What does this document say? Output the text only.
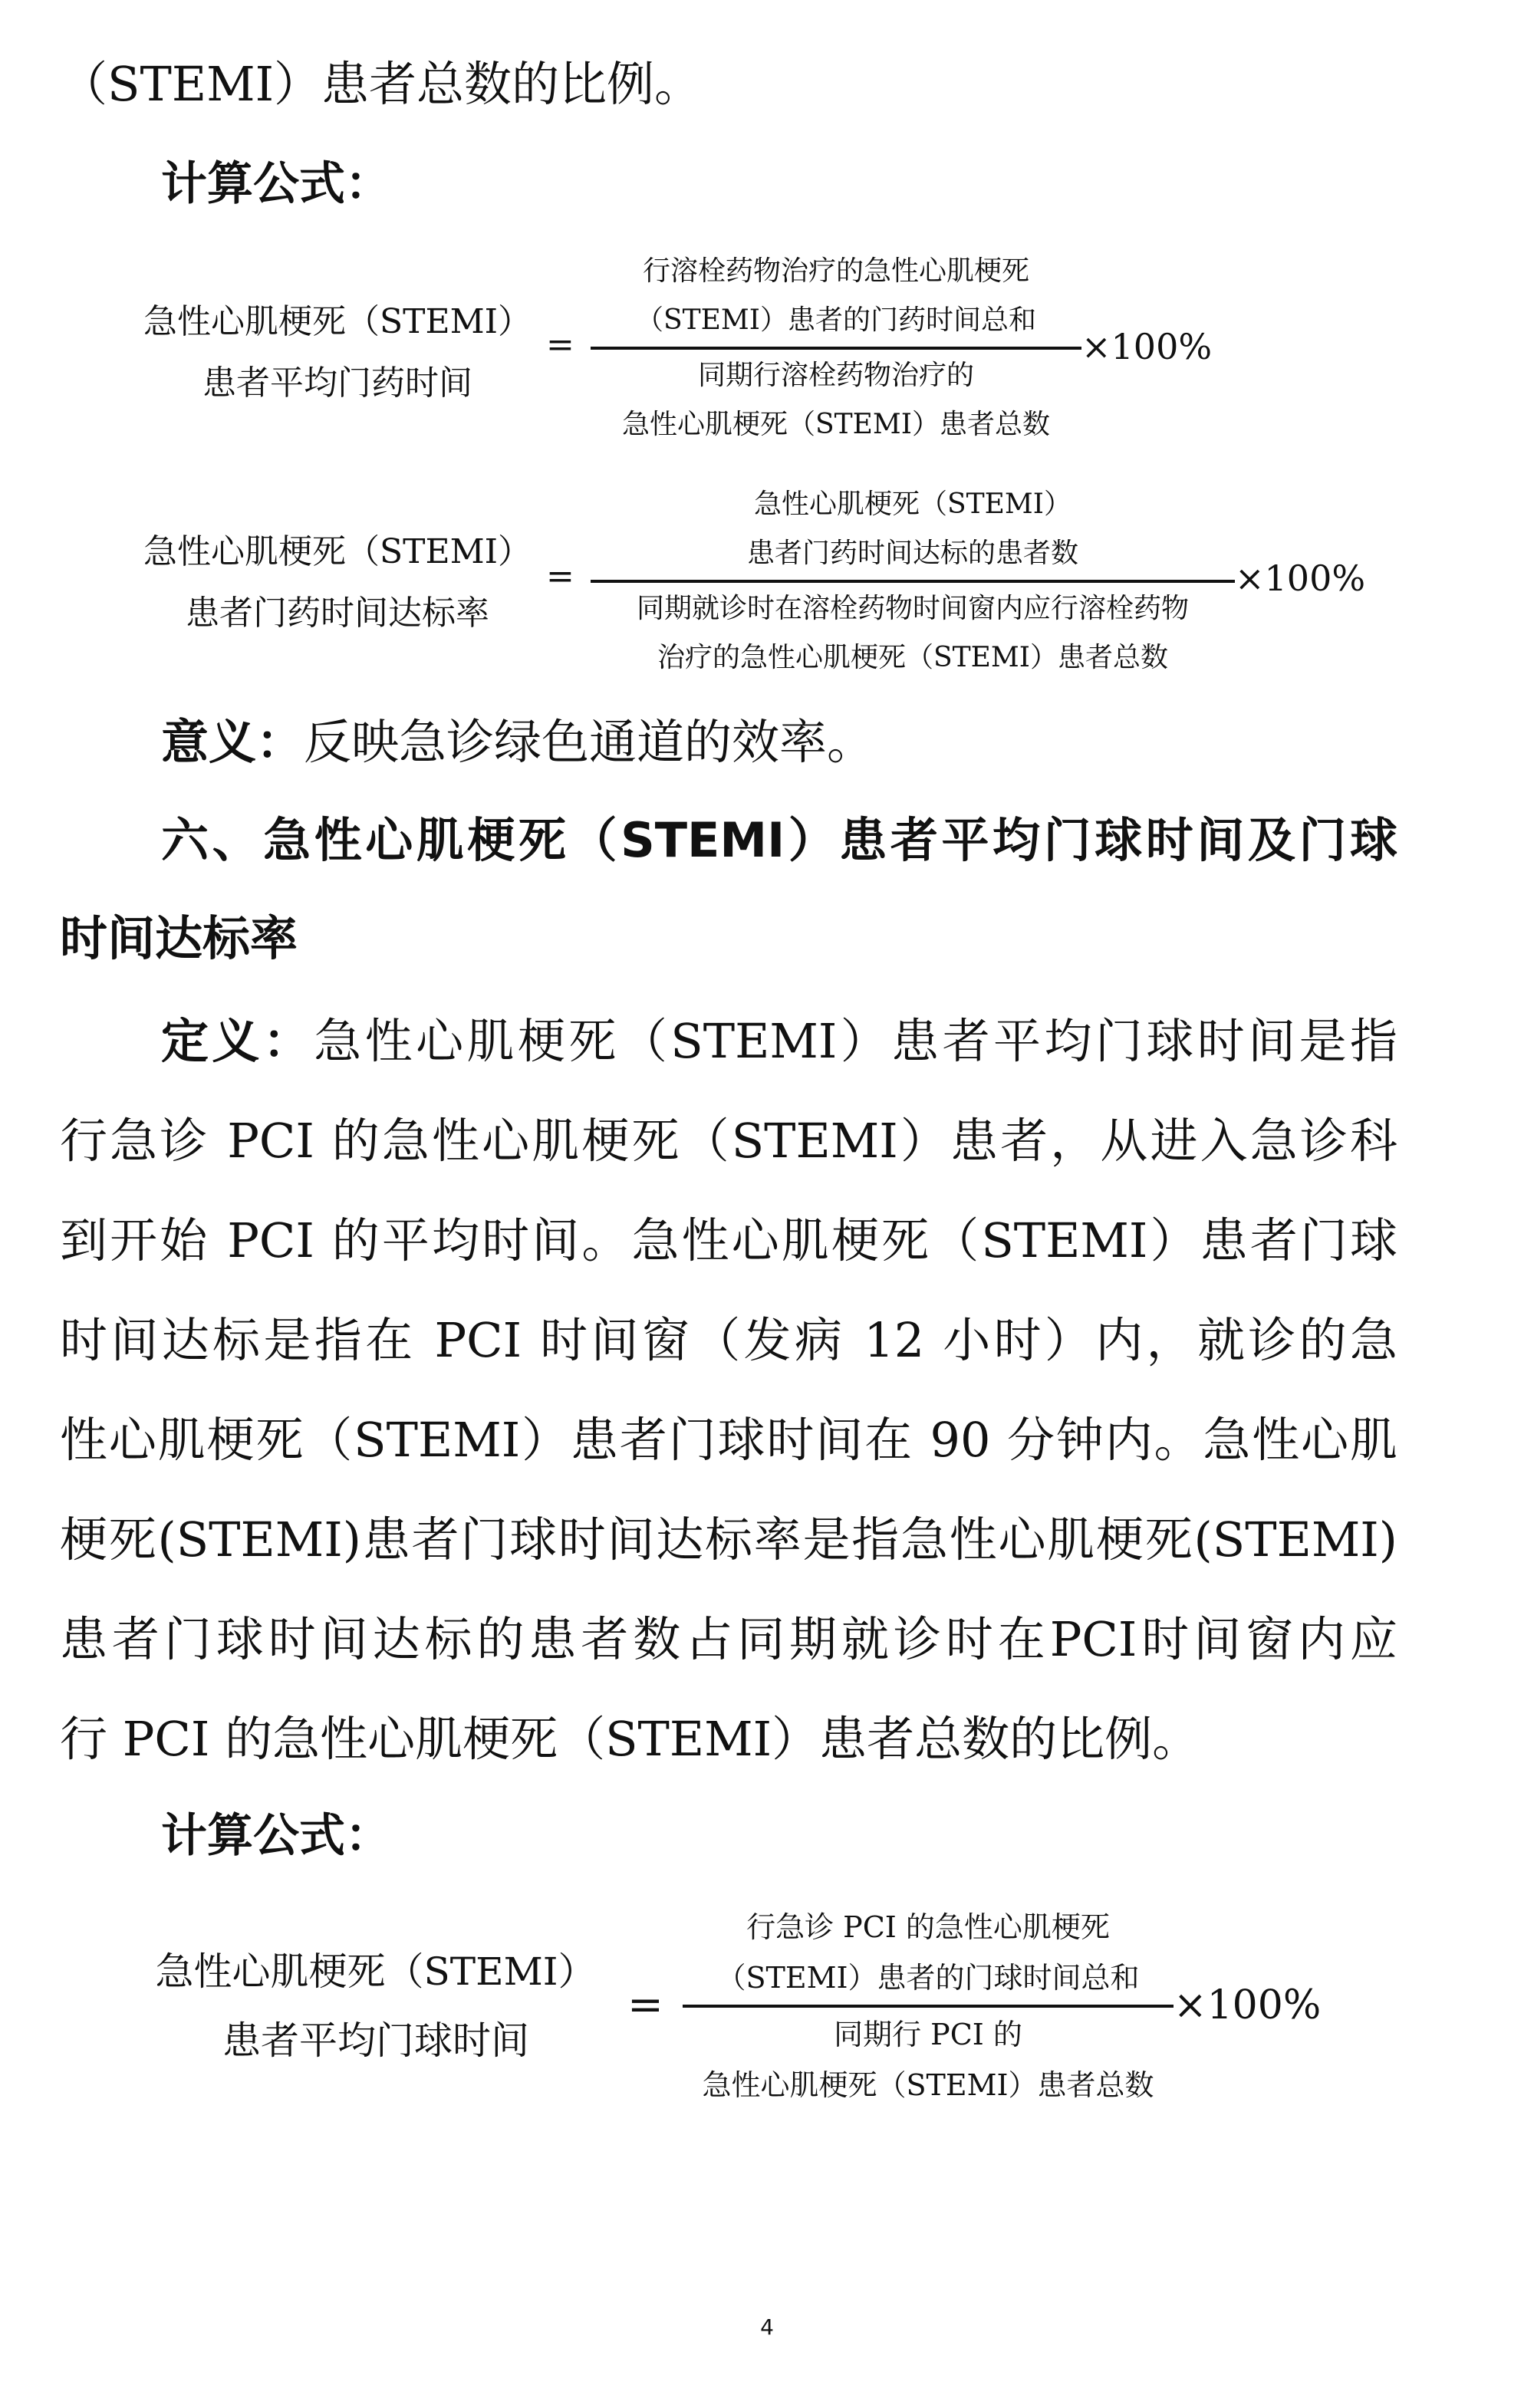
（STEMI）患者总数的比例。
计算公式：
急性心肌梗死（STEMI）
患者平均门药时间
=
行溶栓药物治疗的急性心肌梗死
（STEMI）患者的门药时间总和
同期行溶栓药物治疗的
急性心肌梗死（STEMI）患者总数
×100%
急性心肌梗死（STEMI）
患者门药时间达标率
=
急性心肌梗死（STEMI）
患者门药时间达标的患者数
同期就诊时在溶栓药物时间窗内应行溶栓药物
治疗的急性心肌梗死（STEMI）患者总数
×100%
意义：反映急诊绿色通道的效率。
六、急性心肌梗死（STEMI）患者平均门球时间及门球
时间达标率
定义：急性心肌梗死（STEMI）患者平均门球时间是指
行急诊 PCI 的急性心肌梗死（STEMI）患者，从进入急诊科
到开始 PCI 的平均时间。急性心肌梗死（STEMI）患者门球
时间达标是指在 PCI 时间窗（发病 12 小时）内，就诊的急
性心肌梗死（STEMI）患者门球时间在 90 分钟内。急性心肌
梗死(STEMI)患者门球时间达标率是指急性心肌梗死(STEMI)
患者门球时间达标的患者数占同期就诊时在PCI时间窗内应
行 PCI 的急性心肌梗死（STEMI）患者总数的比例。
计算公式：
急性心肌梗死（STEMI）
患者平均门球时间
=
行急诊 PCI 的急性心肌梗死
（STEMI）患者的门球时间总和
同期行 PCI 的
急性心肌梗死（STEMI）患者总数
×100%
4
